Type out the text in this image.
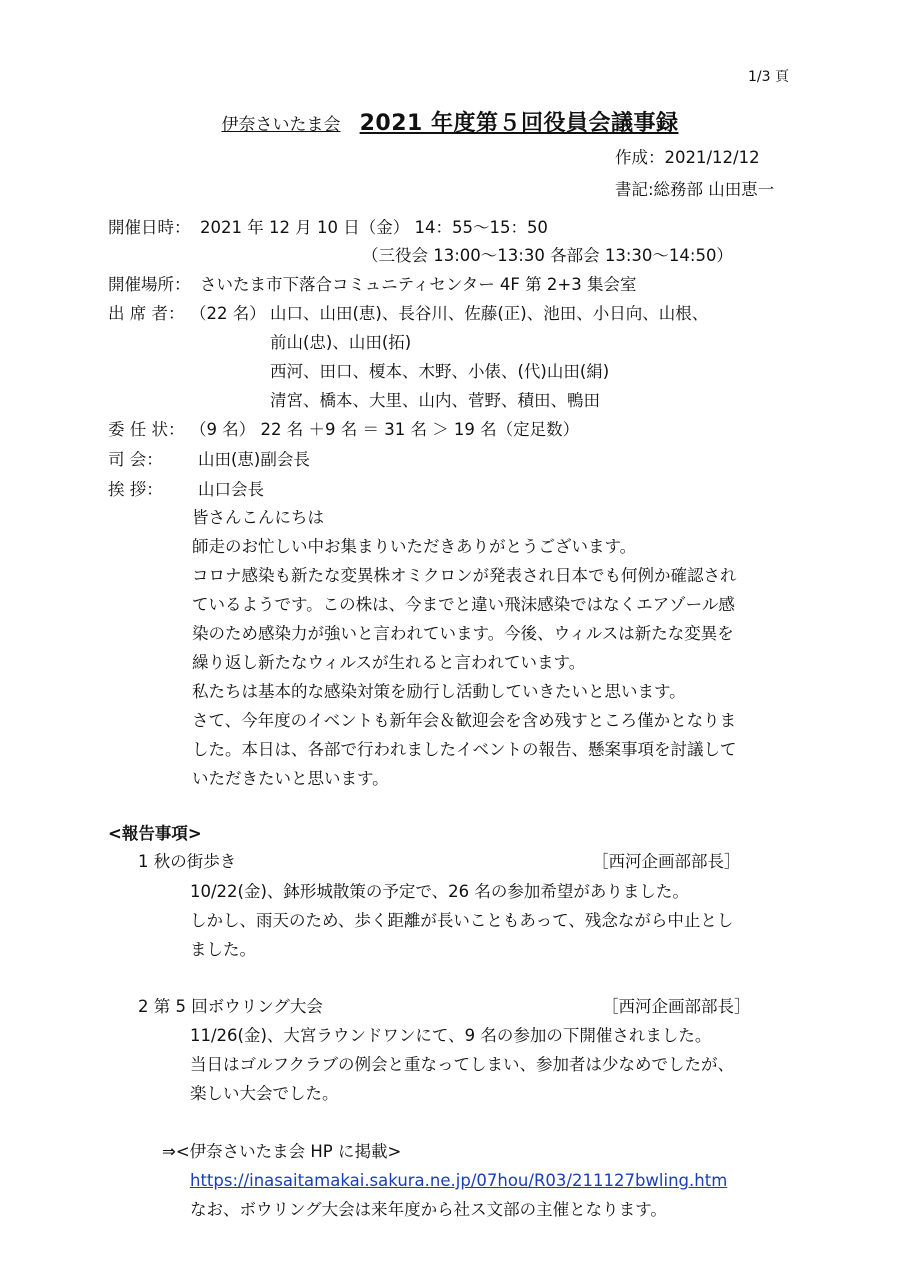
1/3 頁
伊奈さいたま会 2021 年度第５回役員会議事録
作成：2021/12/12
書記:総務部 山田恵一
開催日時： 2021 年 12 月 10 日（金） 14：55～15：50
（三役会 13:00～13:30 各部会 13:30～14:50）
開催場所： さいたま市下落合コミュニティセンター 4F 第 2+3 集会室
出 席 者： （22 名） 山口、山田(恵)、長谷川、佐藤(正)、池田、小日向、山根、
前山(忠)、山田(拓)
西河、田口、榎本、木野、小俵、(代)山田(絹)
清宮、橋本、大里、山内、菅野、積田、鴨田
委 任 状： （9 名） 22 名 ＋9 名 ＝ 31 名 ＞ 19 名（定足数）
司 会： 山田(恵)副会長
挨 拶： 山口会長
皆さんこんにちは
師走のお忙しい中お集まりいただきありがとうございます。
コロナ感染も新たな変異株オミクロンが発表され日本でも何例か確認され
ているようです。この株は、今までと違い飛沫感染ではなくエアゾール感
染のため感染力が強いと言われています。今後、ウィルスは新たな変異を
繰り返し新たなウィルスが生れると言われています。
私たちは基本的な感染対策を励行し活動していきたいと思います。
さて、今年度のイベントも新年会＆歓迎会を含め残すところ僅かとなりま
した。本日は、各部で行われましたイベントの報告、懸案事項を討議して
いただきたいと思います。
<報告事項>
1 秋の街歩き	［西河企画部部長］
10/22(金)、鉢形城散策の予定で、26 名の参加希望がありました。
しかし、雨天のため、歩く距離が長いこともあって、残念ながら中止とし
ました。
2 第 5 回ボウリング大会	［西河企画部部長］
11/26(金)、大宮ラウンドワンにて、9 名の参加の下開催されました。
当日はゴルフクラブの例会と重なってしまい、参加者は少なめでしたが、
楽しい大会でした。
⇒<伊奈さいたま会 HP に掲載>
https://inasaitamakai.sakura.ne.jp/07hou/R03/211127bwling.htm
なお、ボウリング大会は来年度から社ス文部の主催となります。
